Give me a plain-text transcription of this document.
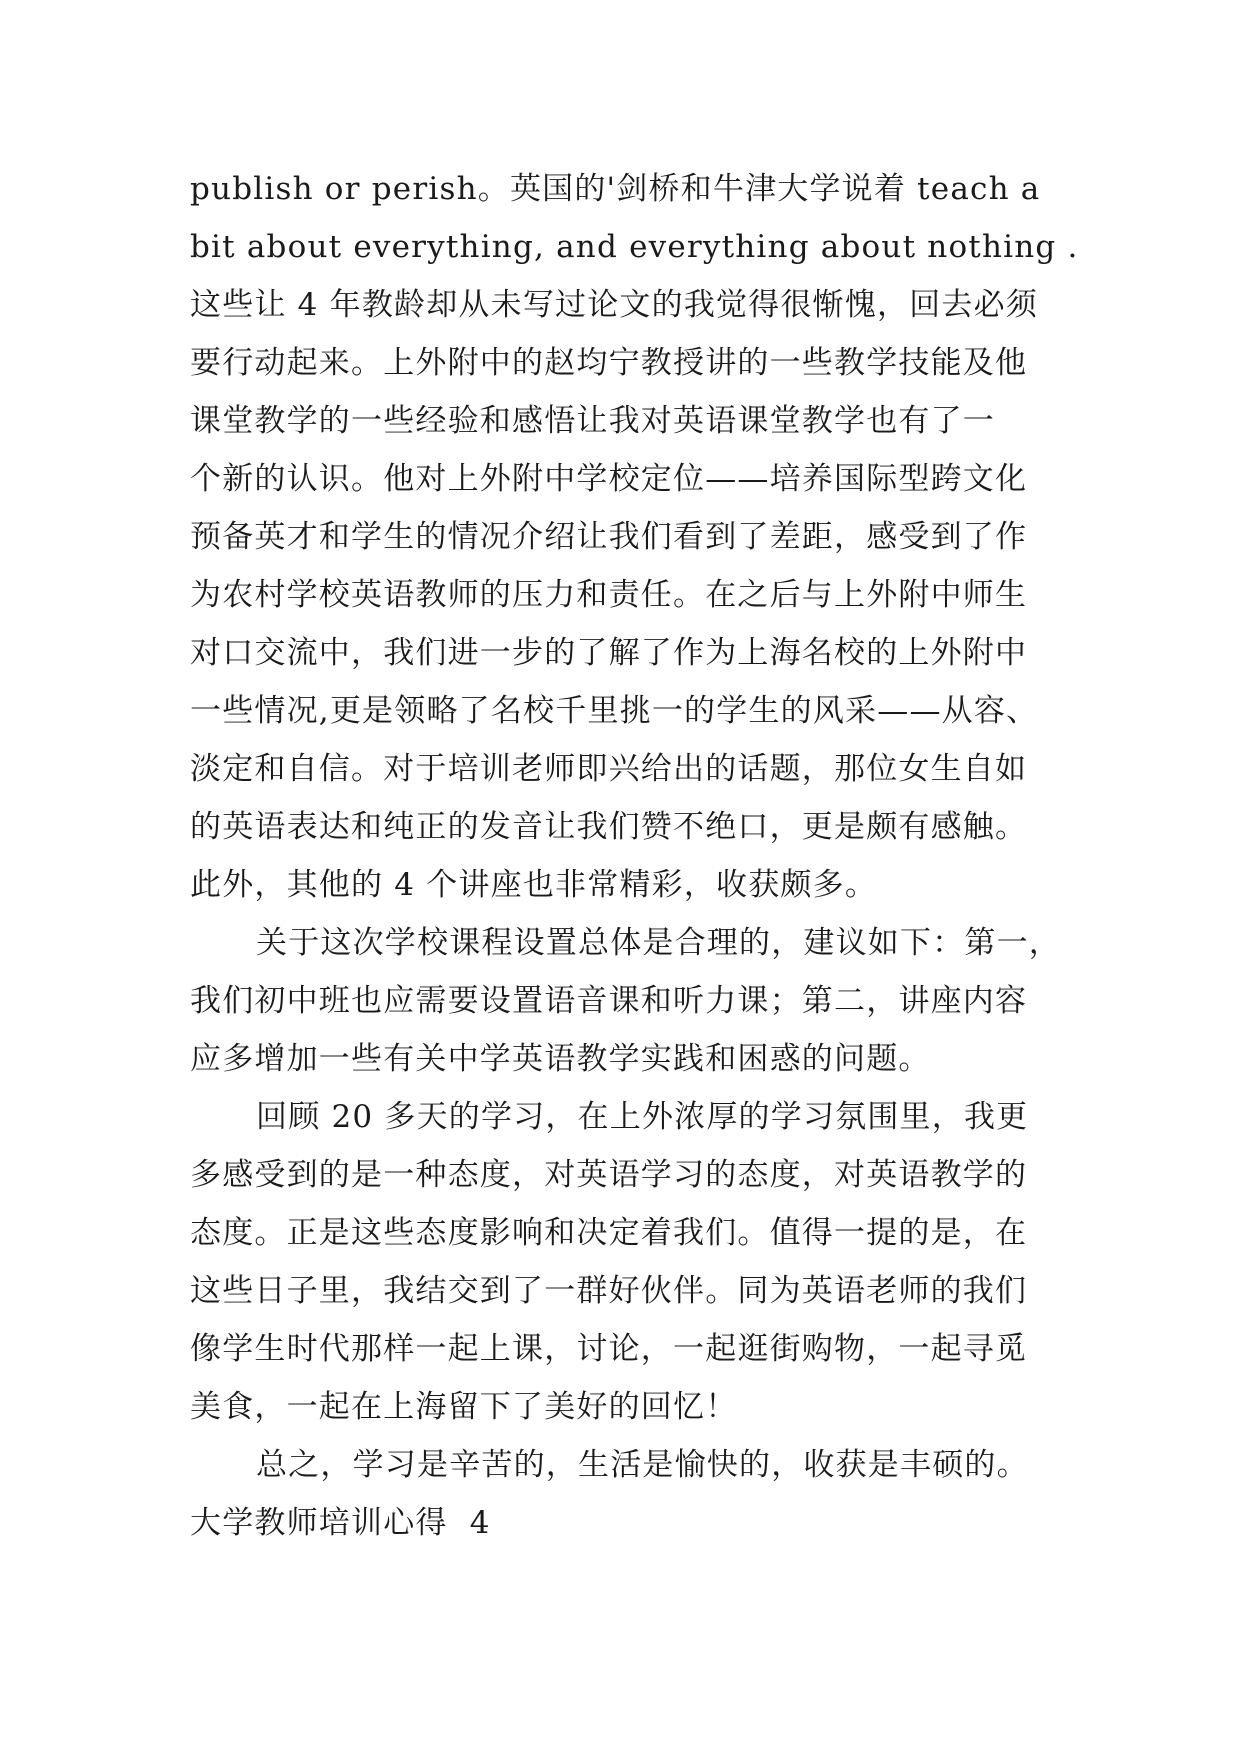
publish or perish。英国的'剑桥和牛津大学说着 teach a
bit about everything, and everything about nothing .
这些让 4 年教龄却从未写过论文的我觉得很惭愧，回去必须
要行动起来。上外附中的赵均宁教授讲的一些教学技能及他
课堂教学的一些经验和感悟让我对英语课堂教学也有了一
个新的认识。他对上外附中学校定位——培养国际型跨文化
预备英才和学生的情况介绍让我们看到了差距，感受到了作
为农村学校英语教师的压力和责任。在之后与上外附中师生
对口交流中，我们进一步的了解了作为上海名校的上外附中
一些情况,更是领略了名校千里挑一的学生的风采——从容、
淡定和自信。对于培训老师即兴给出的话题，那位女生自如
的英语表达和纯正的发音让我们赞不绝口，更是颇有感触。
此外，其他的 4 个讲座也非常精彩，收获颇多。
关于这次学校课程设置总体是合理的，建议如下：第一，
我们初中班也应需要设置语音课和听力课；第二，讲座内容
应多增加一些有关中学英语教学实践和困惑的问题。
回顾 20 多天的学习，在上外浓厚的学习氛围里，我更
多感受到的是一种态度，对英语学习的态度，对英语教学的
态度。正是这些态度影响和决定着我们。值得一提的是，在
这些日子里，我结交到了一群好伙伴。同为英语老师的我们
像学生时代那样一起上课，讨论，一起逛街购物，一起寻觅
美食，一起在上海留下了美好的回忆！
总之，学习是辛苦的，生活是愉快的，收获是丰硕的。
大学教师培训心得  4
